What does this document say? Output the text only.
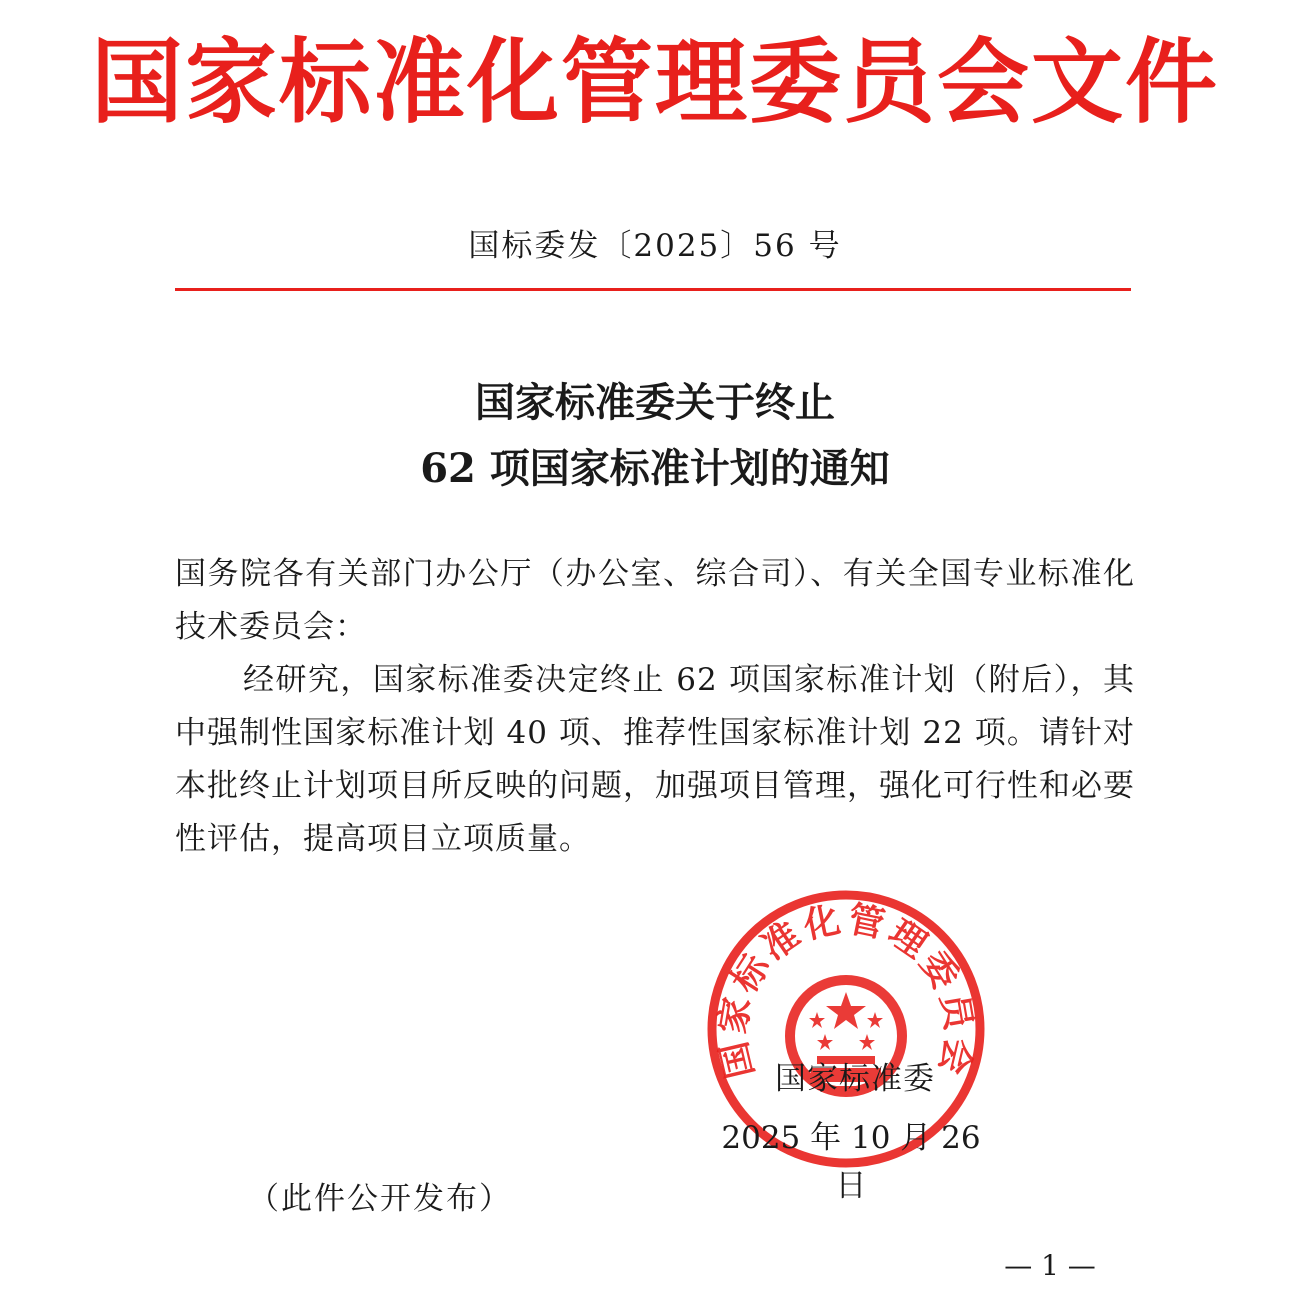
国家标准化管理委员会文件
国标委发〔2025〕56 号
国家标准委关于终止
62 项国家标准计划的通知

国务院各有关部门办公厅（办公室、综合司）、有关全国专业标准化技术委员会：

经研究，国家标准委决定终止 62 项国家标准计划（附后），其中强制性国家标准计划 40 项、推荐性国家标准计划 22 项。请针对本批终止计划项目所反映的问题，加强项目管理，强化可行性和必要性评估，提高项目立项质量。

国家标准化管理委员会
国家标准委
2025 年 10 月 26 日
（此件公开发布）
— 1 —
